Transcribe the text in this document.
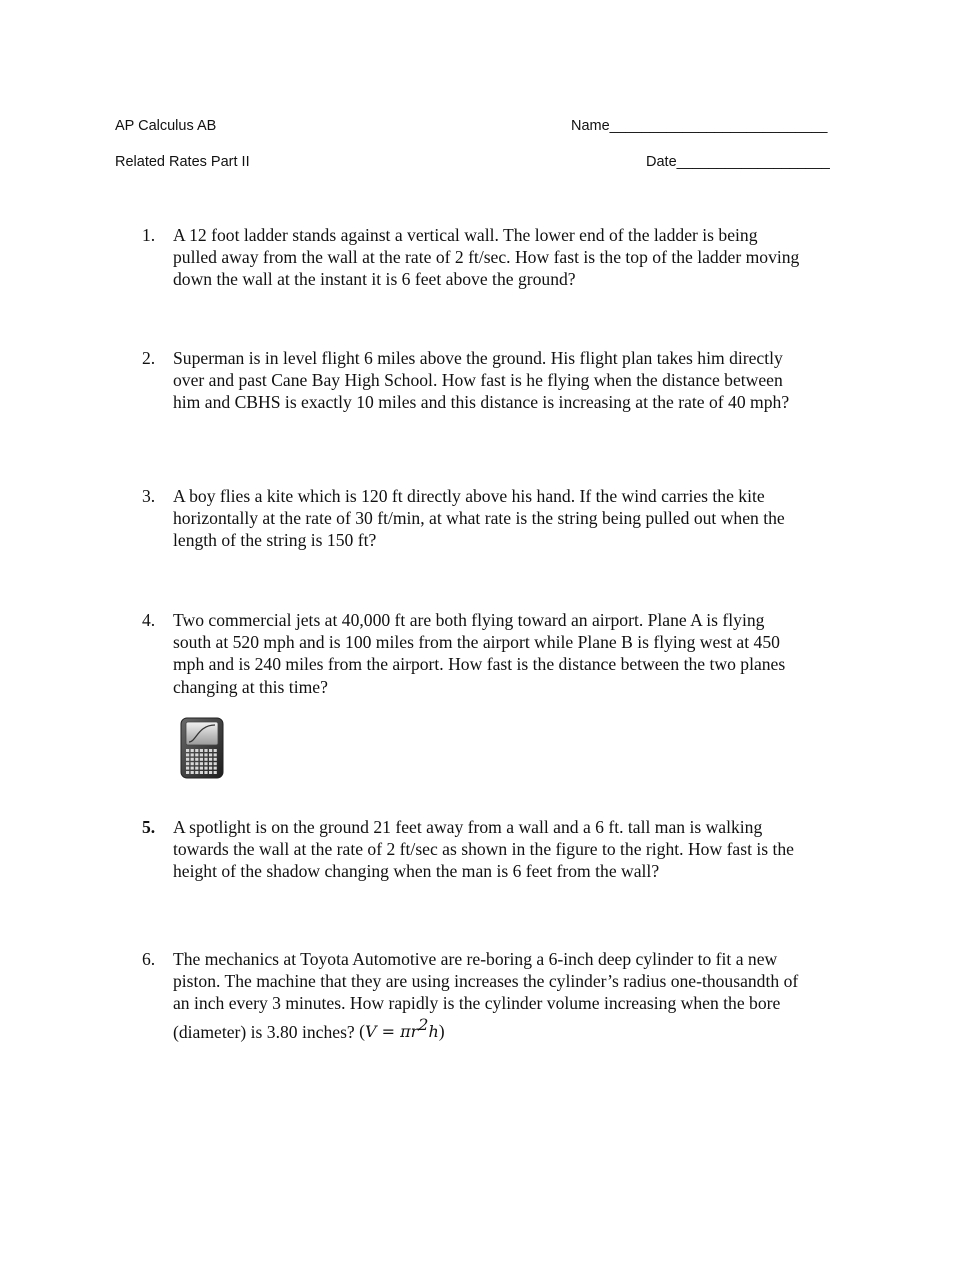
AP Calculus AB	Name___________________________
Related Rates Part II	Date___________________
1. A 12 foot ladder stands against a vertical wall. The lower end of the ladder is being
pulled away from the wall at the rate of 2 ft/sec. How fast is the top of the ladder moving
down the wall at the instant it is 6 feet above the ground?
2. Superman is in level flight 6 miles above the ground. His flight plan takes him directly
over and past Cane Bay High School. How fast is he flying when the distance between
him and CBHS is exactly 10 miles and this distance is increasing at the rate of 40 mph?
3. A boy flies a kite which is 120 ft directly above his hand. If the wind carries the kite
horizontally at the rate of 30 ft/min, at what rate is the string being pulled out when the
length of the string is 150 ft?
4. Two commercial jets at 40,000 ft are both flying toward an airport. Plane A is flying
south at 520 mph and is 100 miles from the airport while Plane B is flying west at 450
mph and is 240 miles from the airport. How fast is the distance between the two planes
changing at this time?
5. A spotlight is on the ground 21 feet away from a wall and a 6 ft. tall man is walking
towards the wall at the rate of 2 ft/sec as shown in the figure to the right. How fast is the
height of the shadow changing when the man is 6 feet from the wall?
6. The mechanics at Toyota Automotive are re-boring a 6-inch deep cylinder to fit a new
piston. The machine that they are using increases the cylinder’s radius one-thousandth of
an inch every 3 minutes. How rapidly is the cylinder volume increasing when the bore
(diameter) is 3.80 inches? $(V = \pi r^2h)$
